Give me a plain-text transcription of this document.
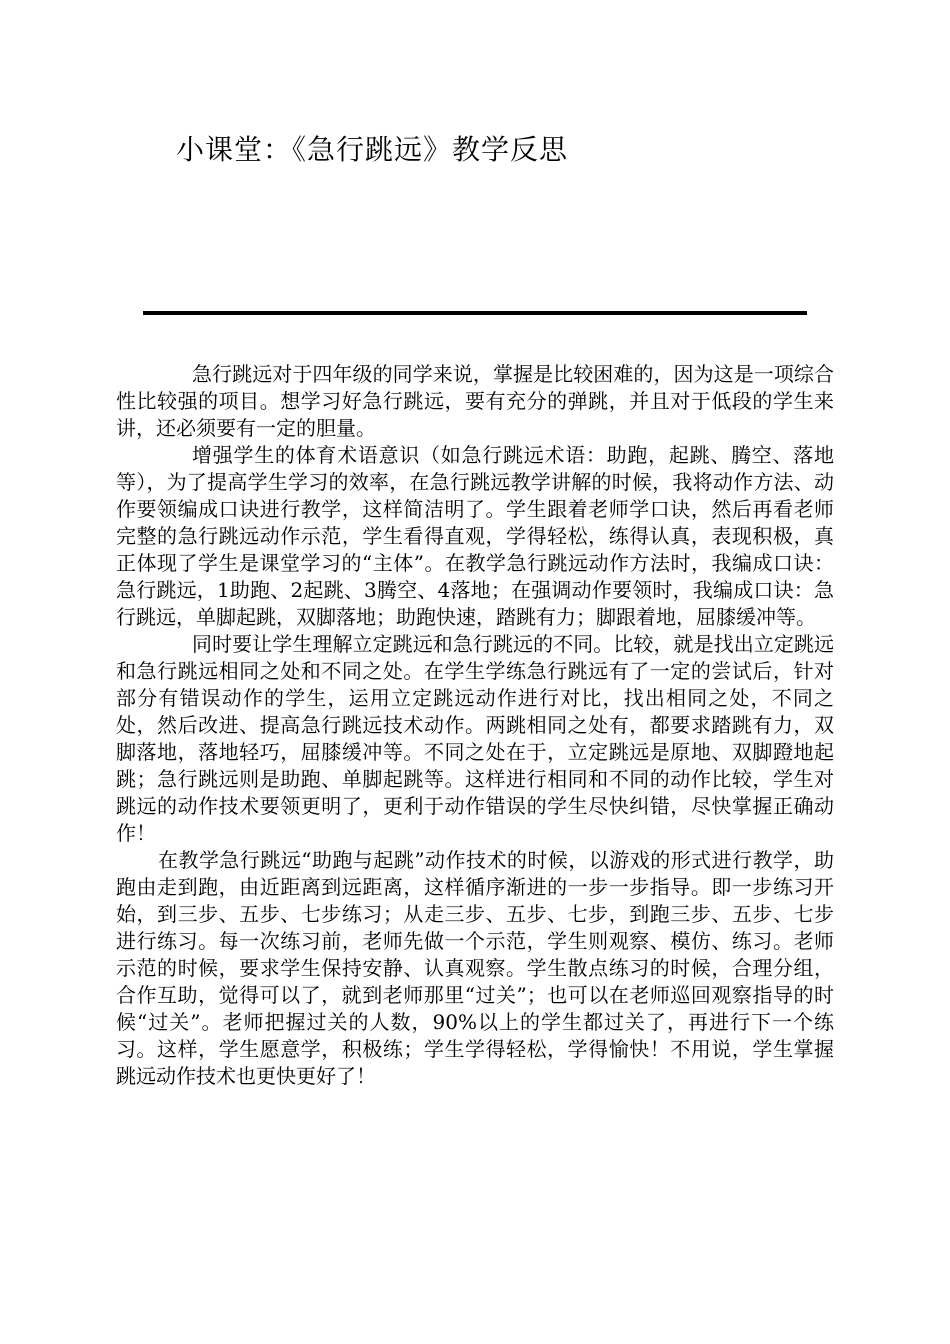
小课堂：《急行跳远》教学反思

急行跳远对于四年级的同学来说，掌握是比较困难的，因为这是一项综合性比较强的项目。想学习好急行跳远，要有充分的弹跳，并且对于低段的学生来讲，还必须要有一定的胆量。

增强学生的体育术语意识（如急行跳远术语：助跑，起跳、腾空、落地等），为了提高学生学习的效率，在急行跳远教学讲解的时候，我将动作方法、动作要领编成口诀进行教学，这样简洁明了。学生跟着老师学口诀，然后再看老师完整的急行跳远动作示范，学生看得直观，学得轻松，练得认真，表现积极，真正体现了学生是课堂学习的“主体”。在教学急行跳远动作方法时，我编成口诀：急行跳远，1助跑、2起跳、3腾空、4落地；在强调动作要领时，我编成口诀：急行跳远，单脚起跳，双脚落地；助跑快速，踏跳有力；脚跟着地，屈膝缓冲等。

同时要让学生理解立定跳远和急行跳远的不同。比较，就是找出立定跳远和急行跳远相同之处和不同之处。在学生学练急行跳远有了一定的尝试后，针对部分有错误动作的学生，运用立定跳远动作进行对比，找出相同之处，不同之处，然后改进、提高急行跳远技术动作。两跳相同之处有，都要求踏跳有力，双脚落地，落地轻巧，屈膝缓冲等。不同之处在于，立定跳远是原地、双脚蹬地起跳；急行跳远则是助跑、单脚起跳等。这样进行相同和不同的动作比较，学生对跳远的动作技术要领更明了，更利于动作错误的学生尽快纠错，尽快掌握正确动作！

在教学急行跳远“助跑与起跳”动作技术的时候，以游戏的形式进行教学，助跑由走到跑，由近距离到远距离，这样循序渐进的一步一步指导。即一步练习开始，到三步、五步、七步练习；从走三步、五步、七步，到跑三步、五步、七步进行练习。每一次练习前，老师先做一个示范，学生则观察、模仿、练习。老师示范的时候，要求学生保持安静、认真观察。学生散点练习的时候，合理分组，合作互助，觉得可以了，就到老师那里“过关”；也可以在老师巡回观察指导的时候“过关”。老师把握过关的人数，90%以上的学生都过关了，再进行下一个练习。这样，学生愿意学，积极练；学生学得轻松，学得愉快！不用说，学生掌握跳远动作技术也更快更好了！
